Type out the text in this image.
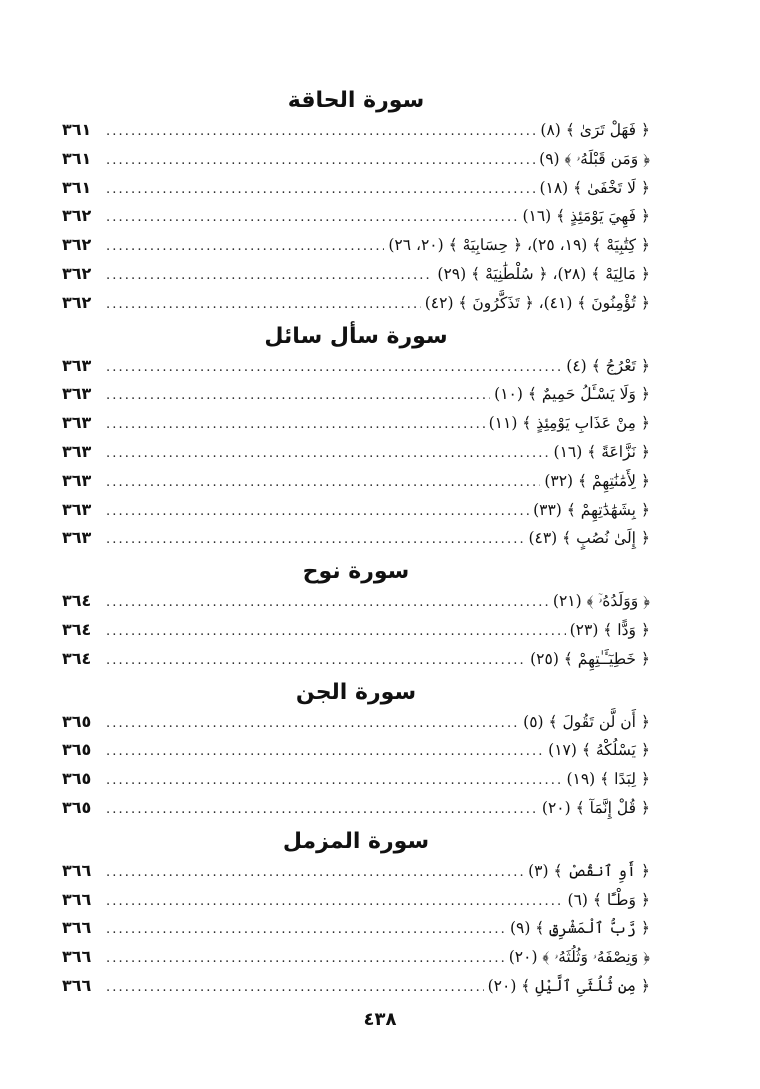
سورة الحاقة
﴿ فَهَلْ تَرَىٰ ﴾ (٨)
. . .
٣٦١
﴿ وَمَن قَبْلَهُۥ ﴾ (٩)
. . .
٣٦١
﴿ لَا تَخْفَىٰ ﴾ (١٨)
. . .
٣٦١
﴿ فَهِيَ يَوْمَئِذٍ ﴾ (١٦)
. . .
٣٦٢
﴿ كِتَٰبِيَهْ ﴾ (١٩، ٢٥)، ﴿ حِسَابِيَهْ ﴾ (٢٠، ٢٦)
. . .
٣٦٢
﴿ مَالِيَهْ ﴾ (٢٨)، ﴿ سُلْطَٰنِيَهْ ﴾ (٢٩)
. . .
٣٦٢
﴿ تُؤْمِنُونَ ﴾ (٤١)، ﴿ تَذَكَّرُونَ ﴾ (٤٢)
. . .
٣٦٢
سورة سأل سائل
﴿ تَعْرُجُ ﴾ (٤)
. . .
٣٦٣
﴿ وَلَا يَسْـَٔلُ حَمِيمٌ ﴾ (١٠)
. . .
٣٦٣
﴿ مِنْ عَذَابِ يَوْمِئِذٍ ﴾ (١١)
. . .
٣٦٣
﴿ نَزَّاعَةً ﴾ (١٦)
. . .
٣٦٣
﴿ لِأَمَٰنَٰتِهِمْ ﴾ (٣٢)
. . .
٣٦٣
﴿ بِشَهَٰدَٰتِهِمْ ﴾ (٣٣)
. . .
٣٦٣
﴿ إِلَىٰ نُصُبٍ ﴾ (٤٣)
. . .
٣٦٣
سورة نوح
﴿ وَوَلَدُهُۥٓ ﴾ (٢١)
. . .
٣٦٤
﴿ وَدًّا ﴾ (٢٣)
. . .
٣٦٤
﴿ خَطِيٓـَٔـٰتِهِمْ ﴾ (٢٥)
. . .
٣٦٤
سورة الجن
﴿ أَن لَّن تَقُولَ ﴾ (٥)
. . .
٣٦٥
﴿ يَسْلُكْهُ ﴾ (١٧)
. . .
٣٦٥
﴿ لِبَدًا ﴾ (١٩)
. . .
٣٦٥
﴿ قُلْ إِنَّمَآ ﴾ (٢٠)
. . .
٣٦٥
سورة المزمل
﴿ أَوِ ٱنقُصْ ﴾ (٣)
. . .
٣٦٦
﴿ وَطْـًٔا ﴾ (٦)
. . .
٣٦٦
﴿ رَّبُّ ٱلْمَشْرِقِ ﴾ (٩)
. . .
٣٦٦
﴿ وَنِصْفَهُۥ وَثُلُثَهُۥ ﴾ (٢٠)
. . .
٣٦٦
﴿ مِن ثُلُثَىِ ٱلَّيْلِ ﴾ (٢٠)
. . .
٣٦٦
٤٣٨
